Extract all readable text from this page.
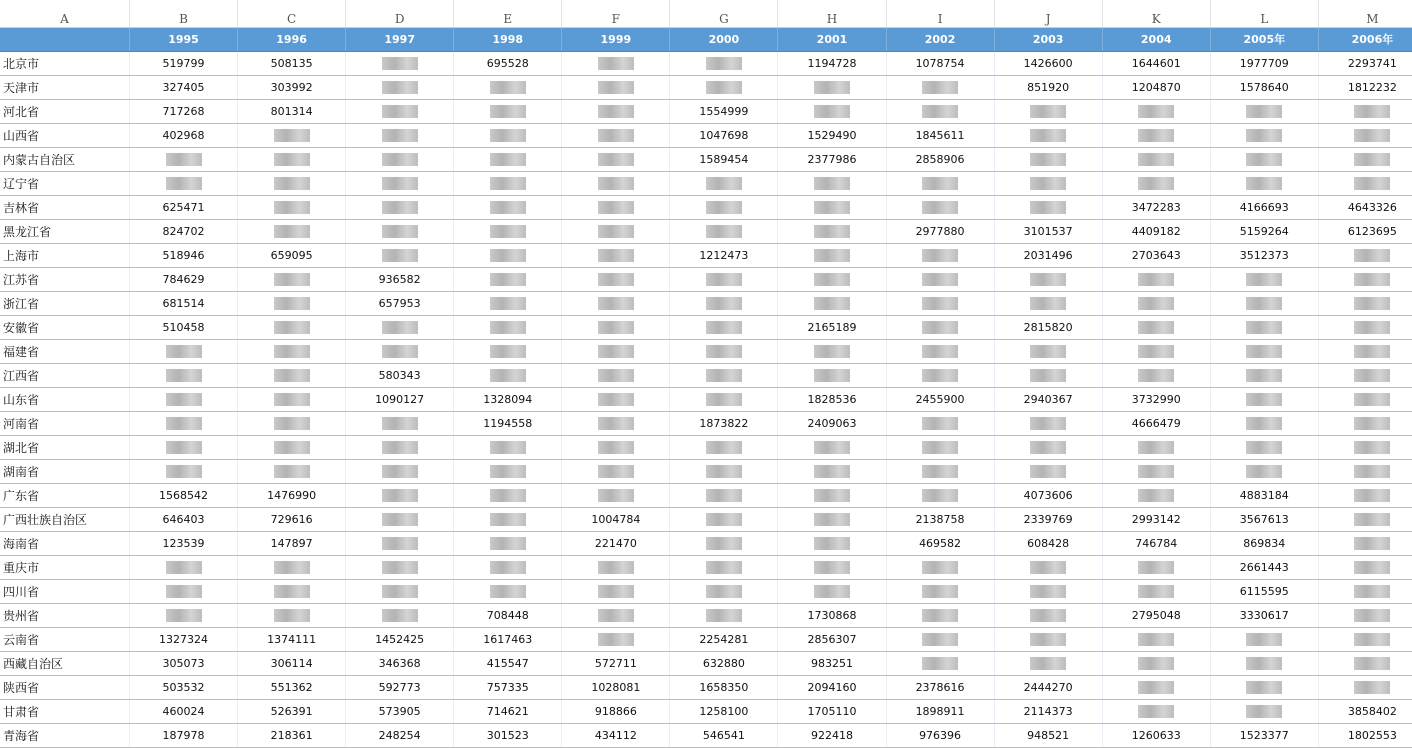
A	B	C	D	E	F	G	H	I	J	K	L	M
	1995	1996	1997	1998	1999	2000	2001	2002	2003	2004	2005年	2006年
北京市	519799	508135		695528			1194728	1078754	1426600	1644601	1977709	2293741
天津市	327405	303992							851920	1204870	1578640	1812232
河北省	717268	801314				1554999						
山西省	402968					1047698	1529490	1845611				
内蒙古自治区						1589454	2377986	2858906				
辽宁省												
吉林省	625471									3472283	4166693	4643326
黑龙江省	824702							2977880	3101537	4409182	5159264	6123695
上海市	518946	659095				1212473			2031496	2703643	3512373	
江苏省	784629		936582									
浙江省	681514		657953									
安徽省	510458						2165189		2815820			
福建省												
江西省			580343									
山东省			1090127	1328094			1828536	2455900	2940367	3732990		
河南省				1194558		1873822	2409063			4666479		
湖北省												
湖南省												
广东省	1568542	1476990							4073606		4883184	
广西壮族自治区	646403	729616			1004784			2138758	2339769	2993142	3567613	
海南省	123539	147897			221470			469582	608428	746784	869834	
重庆市											2661443	
四川省											6115595	
贵州省				708448			1730868			2795048	3330617	
云南省	1327324	1374111	1452425	1617463		2254281	2856307					
西藏自治区	305073	306114	346368	415547	572711	632880	983251					
陕西省	503532	551362	592773	757335	1028081	1658350	2094160	2378616	2444270			
甘肃省	460024	526391	573905	714621	918866	1258100	1705110	1898911	2114373			3858402
青海省	187978	218361	248254	301523	434112	546541	922418	976396	948521	1260633	1523377	1802553
